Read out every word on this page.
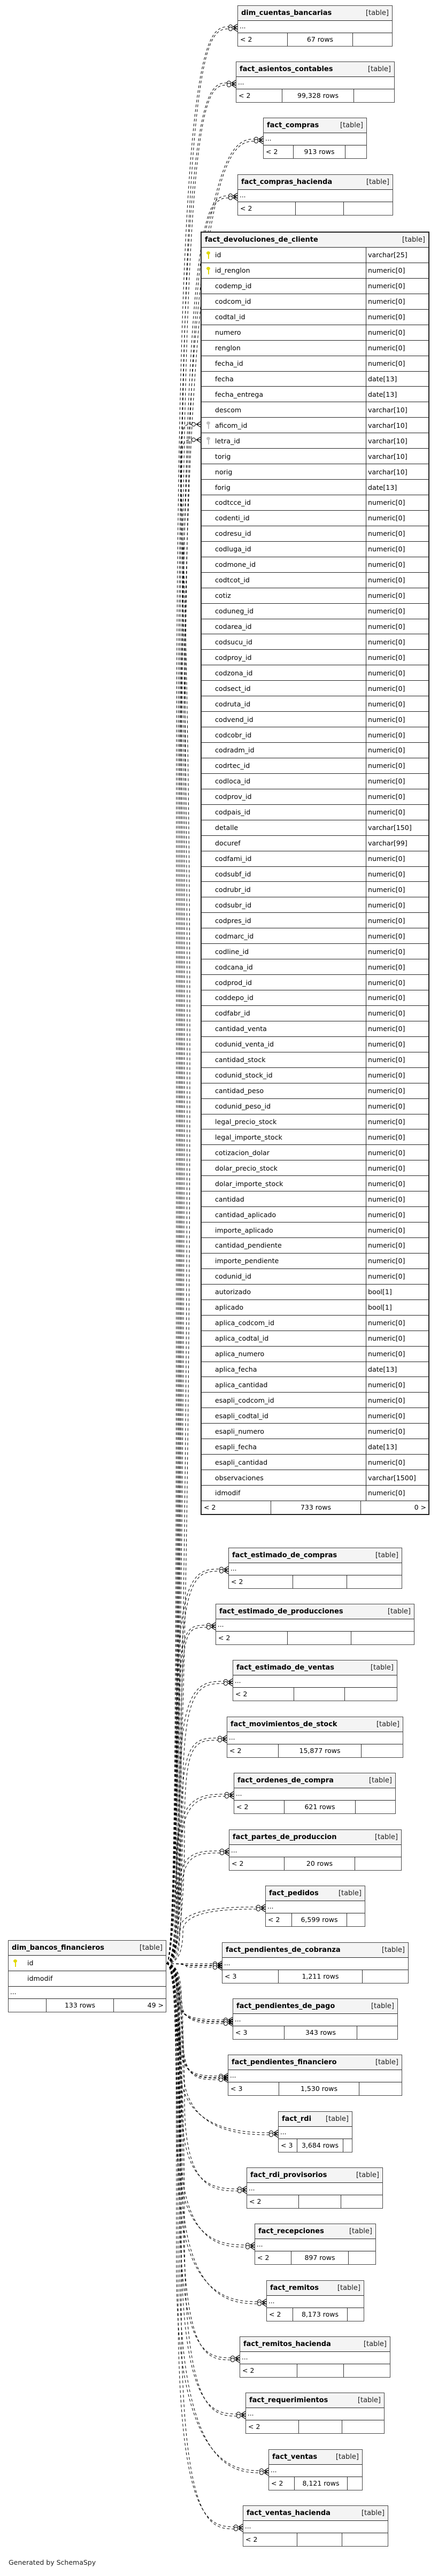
dim_bancos_financieros	[table]
id
idmodif
...
133 rows	49 >
fact_devoluciones_de_cliente	[table]
id	varchar[25]
id_renglon	numeric[0]
codemp_id	numeric[0]
codcom_id	numeric[0]
codtal_id	numeric[0]
numero	numeric[0]
renglon	numeric[0]
fecha_id	numeric[0]
fecha	date[13]
fecha_entrega	date[13]
descom	varchar[10]
aficom_id	varchar[10]
letra_id	varchar[10]
torig	varchar[10]
norig	varchar[10]
forig	date[13]
codtcce_id	numeric[0]
codenti_id	numeric[0]
codresu_id	numeric[0]
codluga_id	numeric[0]
codmone_id	numeric[0]
codtcot_id	numeric[0]
cotiz	numeric[0]
coduneg_id	numeric[0]
codarea_id	numeric[0]
codsucu_id	numeric[0]
codproy_id	numeric[0]
codzona_id	numeric[0]
codsect_id	numeric[0]
codruta_id	numeric[0]
codvend_id	numeric[0]
codcobr_id	numeric[0]
codradm_id	numeric[0]
codrtec_id	numeric[0]
codloca_id	numeric[0]
codprov_id	numeric[0]
codpais_id	numeric[0]
detalle	varchar[150]
docuref	varchar[99]
codfami_id	numeric[0]
codsubf_id	numeric[0]
codrubr_id	numeric[0]
codsubr_id	numeric[0]
codpres_id	numeric[0]
codmarc_id	numeric[0]
codline_id	numeric[0]
codcana_id	numeric[0]
codprod_id	numeric[0]
coddepo_id	numeric[0]
codfabr_id	numeric[0]
cantidad_venta	numeric[0]
codunid_venta_id	numeric[0]
cantidad_stock	numeric[0]
codunid_stock_id	numeric[0]
cantidad_peso	numeric[0]
codunid_peso_id	numeric[0]
legal_precio_stock	numeric[0]
legal_importe_stock	numeric[0]
cotizacion_dolar	numeric[0]
dolar_precio_stock	numeric[0]
dolar_importe_stock	numeric[0]
cantidad	numeric[0]
cantidad_aplicado	numeric[0]
importe_aplicado	numeric[0]
cantidad_pendiente	numeric[0]
importe_pendiente	numeric[0]
codunid_id	numeric[0]
autorizado	bool[1]
aplicado	bool[1]
aplica_codcom_id	numeric[0]
aplica_codtal_id	numeric[0]
aplica_numero	numeric[0]
aplica_fecha	date[13]
aplica_cantidad	numeric[0]
esapli_codcom_id	numeric[0]
esapli_codtal_id	numeric[0]
esapli_numero	numeric[0]
esapli_fecha	date[13]
esapli_cantidad	numeric[0]
observaciones	varchar[1500]
idmodif	numeric[0]
< 2	733 rows	0 >
dim_cuentas_bancarias	[table]
...
< 2	67 rows
fact_asientos_contables	[table]
...
< 2	99,328 rows
fact_compras	[table]
...
< 2	913 rows
fact_compras_hacienda	[table]
...
< 2
fact_estimado_de_compras	[table]
...
< 2
fact_estimado_de_producciones	[table]
...
< 2
fact_estimado_de_ventas	[table]
...
< 2
fact_movimientos_de_stock	[table]
...
< 2	15,877 rows
fact_ordenes_de_compra	[table]
...
< 2	621 rows
fact_partes_de_produccion	[table]
...
< 2	20 rows
fact_pedidos	[table]
...
< 2	6,599 rows
fact_pendientes_de_cobranza	[table]
...
< 3	1,211 rows
fact_pendientes_de_pago	[table]
...
< 3	343 rows
fact_pendientes_financiero	[table]
...
< 3	1,530 rows
fact_rdi [table]
...
< 3	3,684 rows
fact_rdi_provisorios	[table]
...
< 2
fact_recepciones	[table]
...
< 2	897 rows
fact_remitos	[table]
...
< 2	8,173 rows
fact_remitos_hacienda	[table]
...
< 2
fact_requerimientos	[table]
...
< 2
fact_ventas	[table]
...
< 2	8,121 rows
fact_ventas_hacienda	[table]
...
< 2
Generated by SchemaSpy
